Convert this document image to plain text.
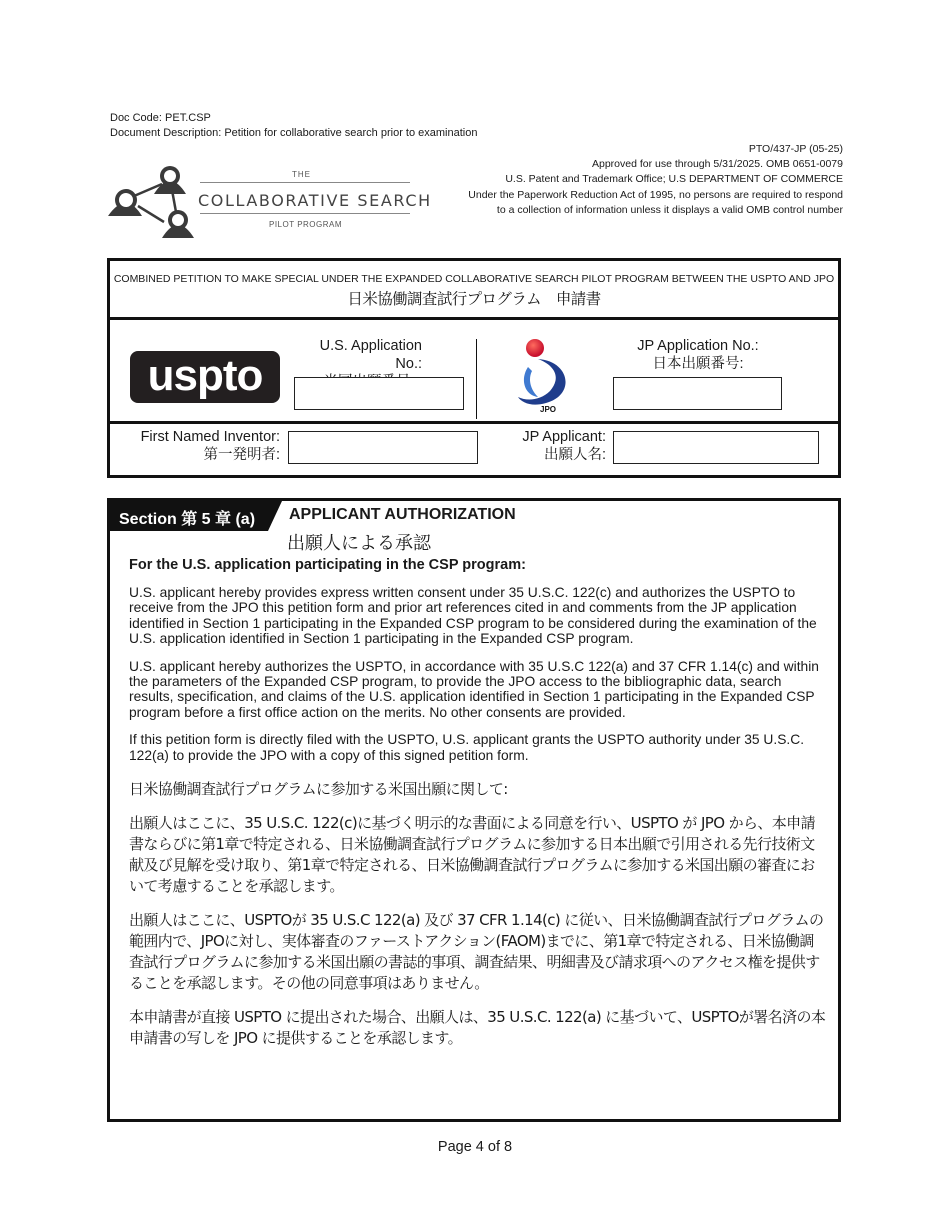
Doc Code: PET.CSP
Document Description: Petition for collaborative search prior to examination
PTO/437-JP (05-25)
Approved for use through 5/31/2025. OMB 0651-0079
U.S. Patent and Trademark Office; U.S DEPARTMENT OF COMMERCE
Under the Paperwork Reduction Act of 1995, no persons are required to respond
to a collection of information unless it displays a valid OMB control number
THE
COLLABORATIVE SEARCH
PILOT PROGRAM
COMBINED PETITION TO MAKE SPECIAL UNDER THE EXPANDED COLLABORATIVE SEARCH PILOT PROGRAM BETWEEN THE USPTO AND JPO
日米協働調査試行プログラム　申請書
uspto
U.S. Application No.:
JPO
JP Application No.:
日本出願番号:
First Named Inventor:
第一発明者:
JP Applicant:
出願人名:
Section 第 5 章 (a) APPLICANT AUTHORIZATION
出願人による承認
For the U.S. application participating in the CSP program:

U.S. applicant hereby provides express written consent under 35 U.S.C. 122(c) and authorizes the USPTO to receive from the JPO this petition form and prior art references cited in and comments from the JP application identified in Section 1 participating in the Expanded CSP program to be considered during the examination of the U.S. application identified in Section 1 participating in the Expanded CSP program.

U.S. applicant hereby authorizes the USPTO, in accordance with 35 U.S.C 122(a) and 37 CFR 1.14(c) and within the parameters of the Expanded CSP program, to provide the JPO access to the bibliographic data, search results, specification, and claims of the U.S. application identified in Section 1 participating in the Expanded CSP program before a first office action on the merits. No other consents are provided.

If this petition form is directly filed with the USPTO, U.S. applicant grants the USPTO authority under 35 U.S.C. 122(a) to provide the JPO with a copy of this signed petition form.

日米協働調査試行プログラムに参加する米国出願に関して:

出願人はここに、35 U.S.C. 122(c)に基づく明示的な書面による同意を行い、USPTO が JPO から、本申請書ならびに第1章で特定される、日米協働調査試行プログラムに参加する日本出願で引用される先行技術文献及び見解を受け取り、第1章で特定される、日米協働調査試行プログラムに参加する米国出願の審査において考慮することを承認します。

出願人はここに、USPTOが 35 U.S.C 122(a) 及び 37 CFR 1.14(c) に従い、日米協働調査試行プログラムの範囲内で、JPOに対し、実体審査のファーストアクション(FAOM)までに、第1章で特定される、日米協働調査試行プログラムに参加する米国出願の書誌的事項、調査結果、明細書及び請求項へのアクセス権を提供することを承認します。その他の同意事項はありません。

本申請書が直接 USPTO に提出された場合、出願人は、35 U.S.C. 122(a) に基づいて、USPTOが署名済の本申請書の写しを JPO に提供することを承認します。

Page 4 of 8
